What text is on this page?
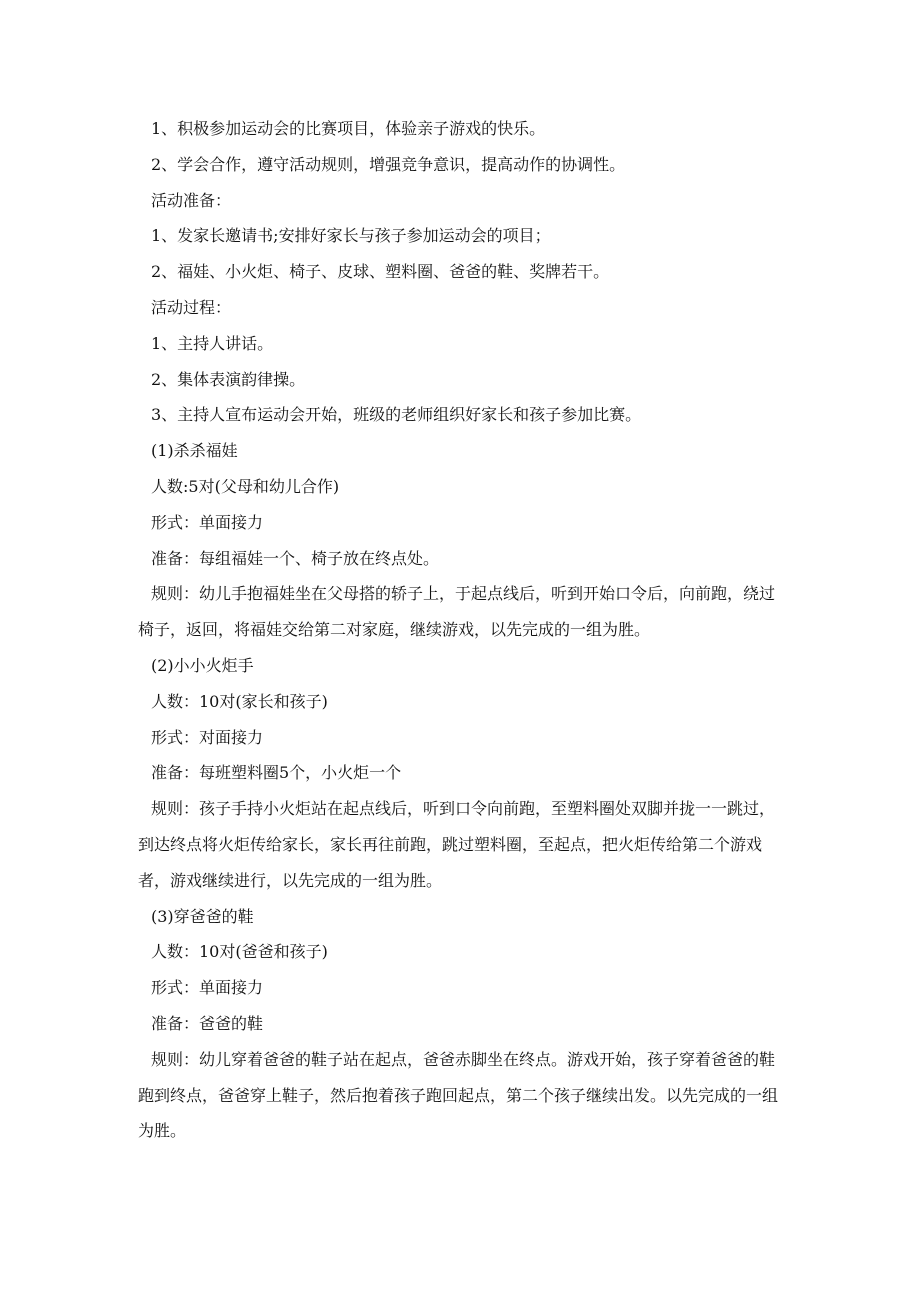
1、积极参加运动会的比赛项目，体验亲子游戏的快乐。

2、学会合作，遵守活动规则，增强竞争意识，提高动作的协调性。

活动准备：

1、发家长邀请书;安排好家长与孩子参加运动会的项目；

2、福娃、小火炬、椅子、皮球、塑料圈、爸爸的鞋、奖牌若干。

活动过程：

1、主持人讲话。

2、集体表演韵律操。

3、主持人宣布运动会开始，班级的老师组织好家长和孩子参加比赛。

(1)杀杀福娃

人数:5对(父母和幼儿合作)

形式：单面接力

准备：每组福娃一个、椅子放在终点处。

规则：幼儿手抱福娃坐在父母搭的轿子上，于起点线后，听到开始口令后，向前跑，绕过椅子，返回，将福娃交给第二对家庭，继续游戏，以先完成的一组为胜。

(2)小小火炬手

人数：10对(家长和孩子)

形式：对面接力

准备：每班塑料圈5个，小火炬一个

规则：孩子手持小火炬站在起点线后，听到口令向前跑，至塑料圈处双脚并拢一一跳过，到达终点将火炬传给家长，家长再往前跑，跳过塑料圈，至起点，把火炬传给第二个游戏者，游戏继续进行，以先完成的一组为胜。

(3)穿爸爸的鞋

人数：10对(爸爸和孩子)

形式：单面接力

准备：爸爸的鞋

规则：幼儿穿着爸爸的鞋子站在起点，爸爸赤脚坐在终点。游戏开始，孩子穿着爸爸的鞋跑到终点，爸爸穿上鞋子，然后抱着孩子跑回起点，第二个孩子继续出发。以先完成的一组为胜。
